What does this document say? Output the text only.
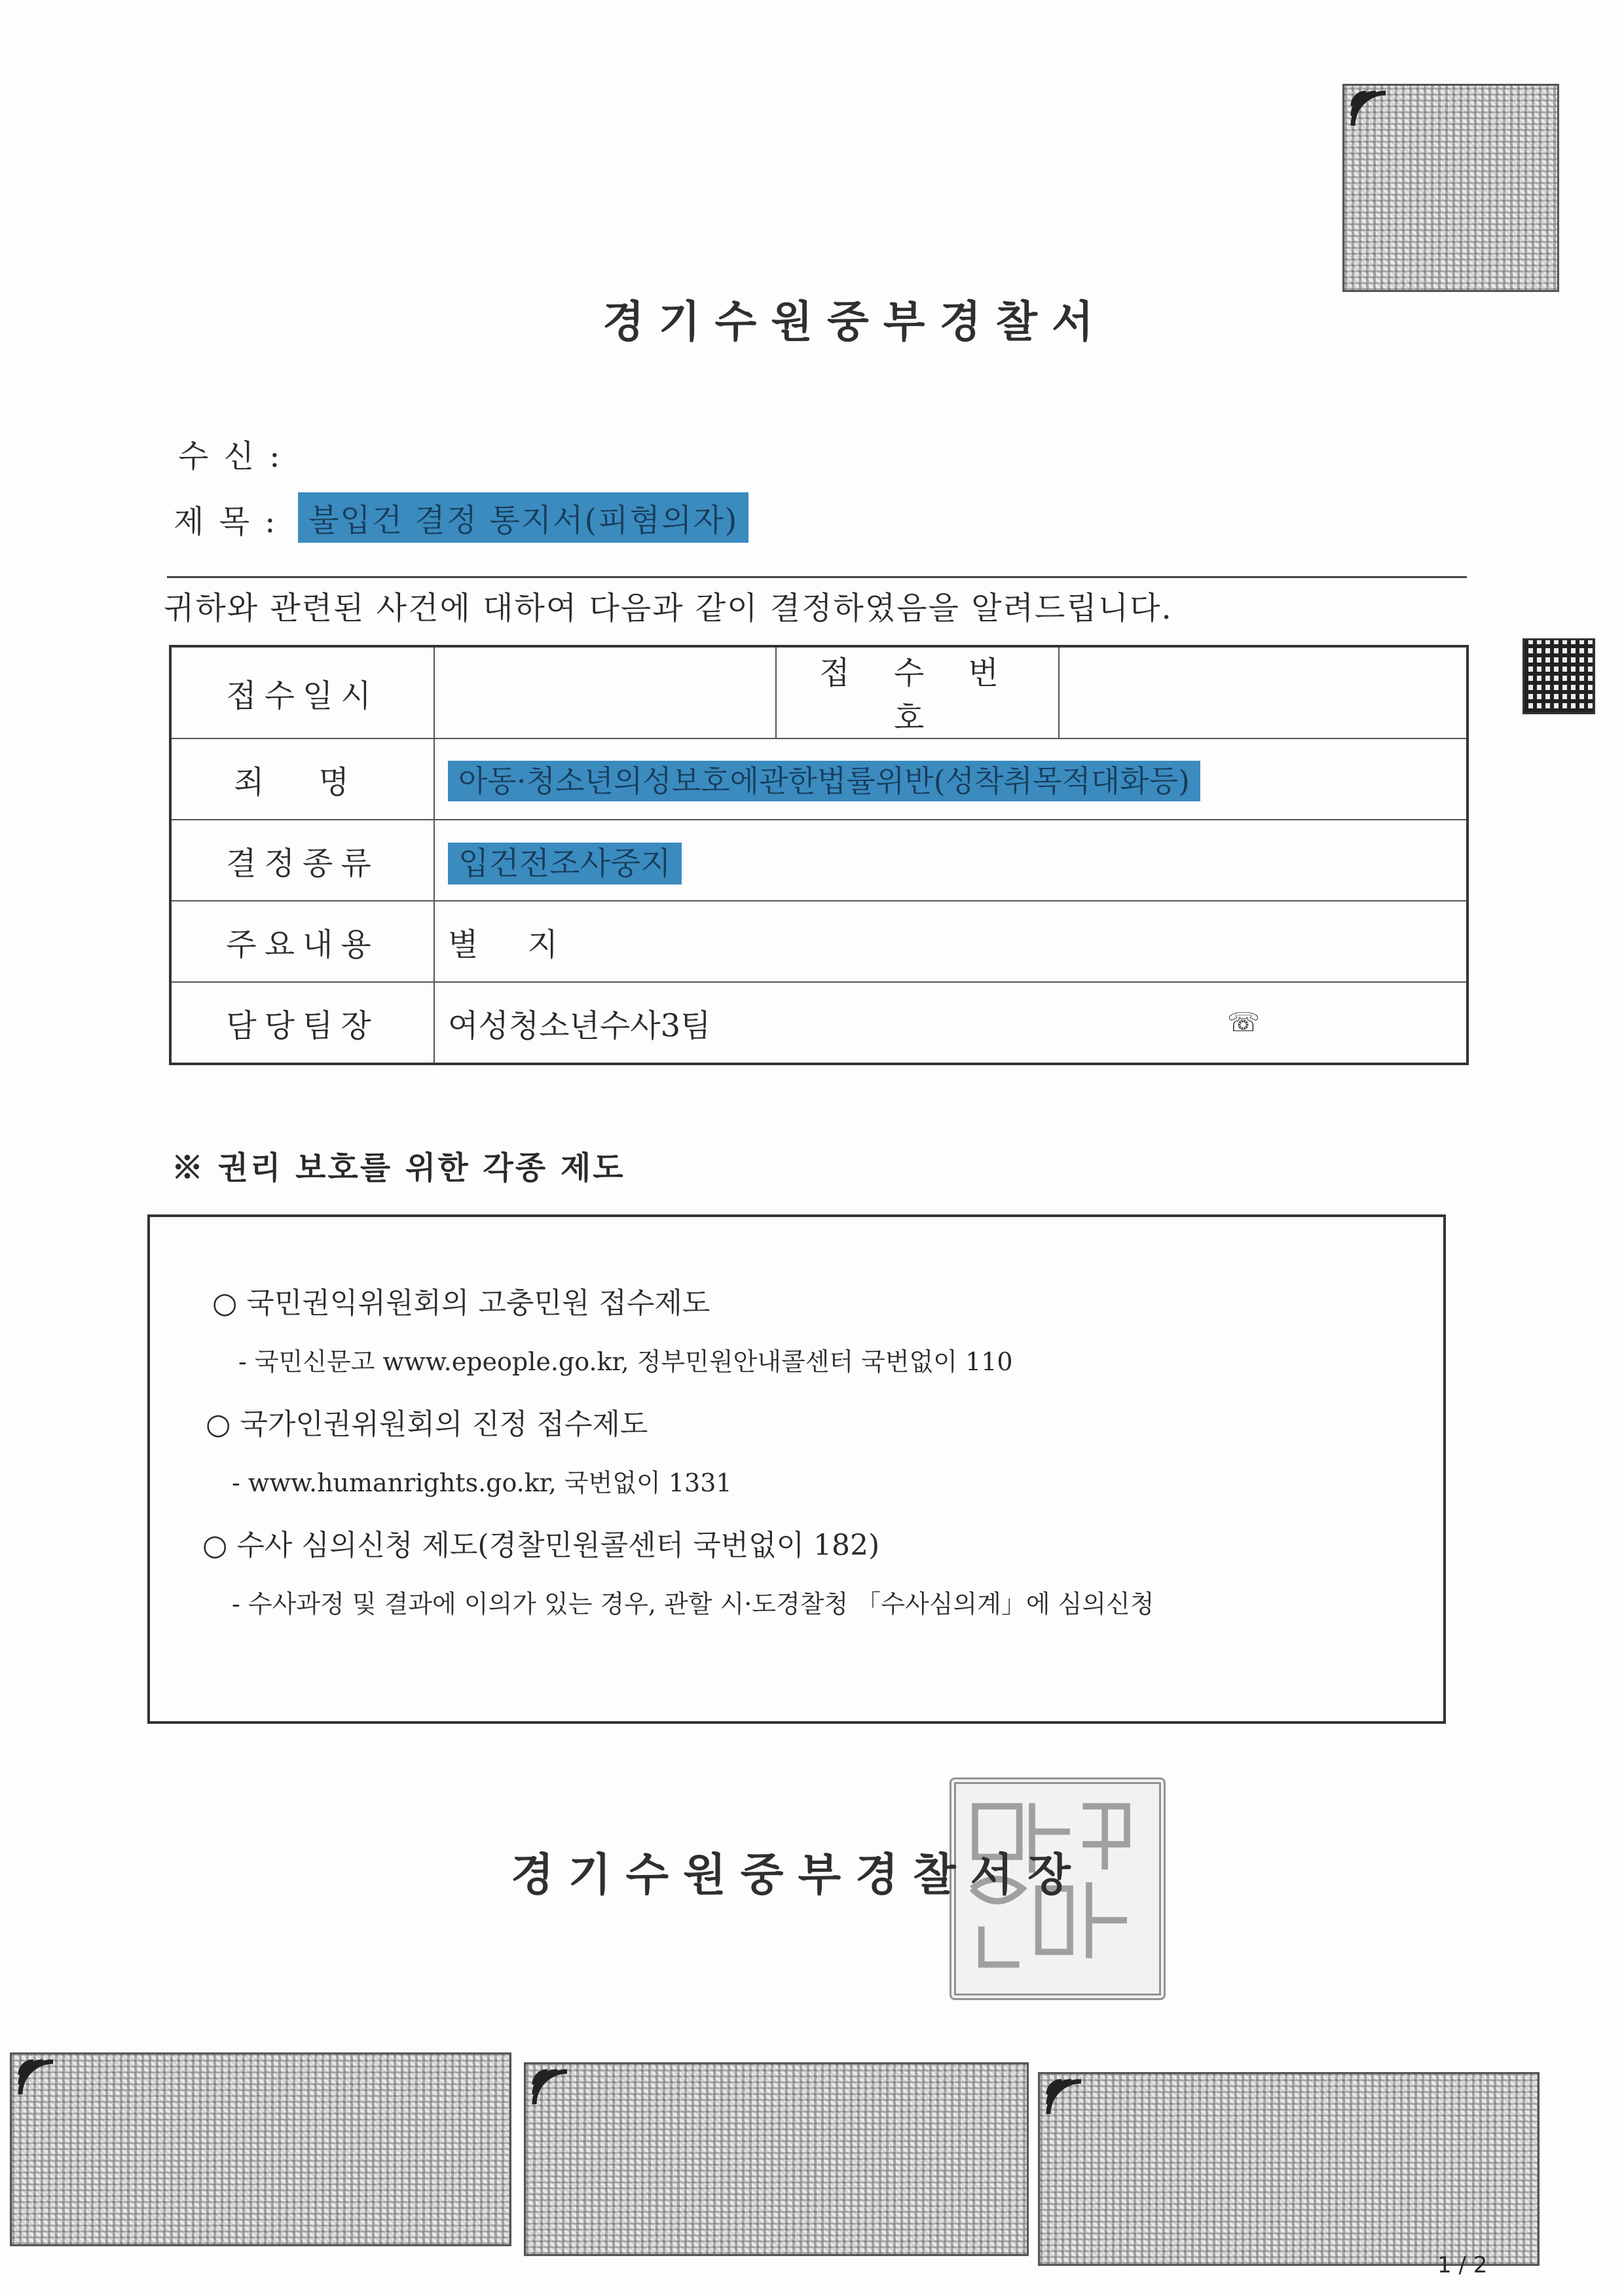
경기수원중부경찰서
수 신 :
제 목 : 불입건 결정 통지서(피혐의자)
귀하와 관련된 사건에 대하여 다음과 같이 결정하였음을 알려드립니다.
접수일시		접 수 번 호	
죄 명	아동·청소년의성보호에관한법률위반(성착취목적대화등)		
결정종류	입건전조사중지		
주요내용	별 지		
담당팀장	여성청소년수사3팀 ☏		
※ 권리 보호를 위한 각종 제도
○ 국민권익위원회의 고충민원 접수제도
- 국민신문고 www.epeople.go.kr, 정부민원안내콜센터 국번없이 110
○ 국가인권위원회의 진정 접수제도
- www.humanrights.go.kr, 국번없이 1331
○ 수사 심의신청 제도(경찰민원콜센터 국번없이 182)
- 수사과정 및 결과에 이의가 있는 경우, 관할 시·도경찰청 「수사심의계」에 심의신청
경기수원중부경찰서장
1 / 2
